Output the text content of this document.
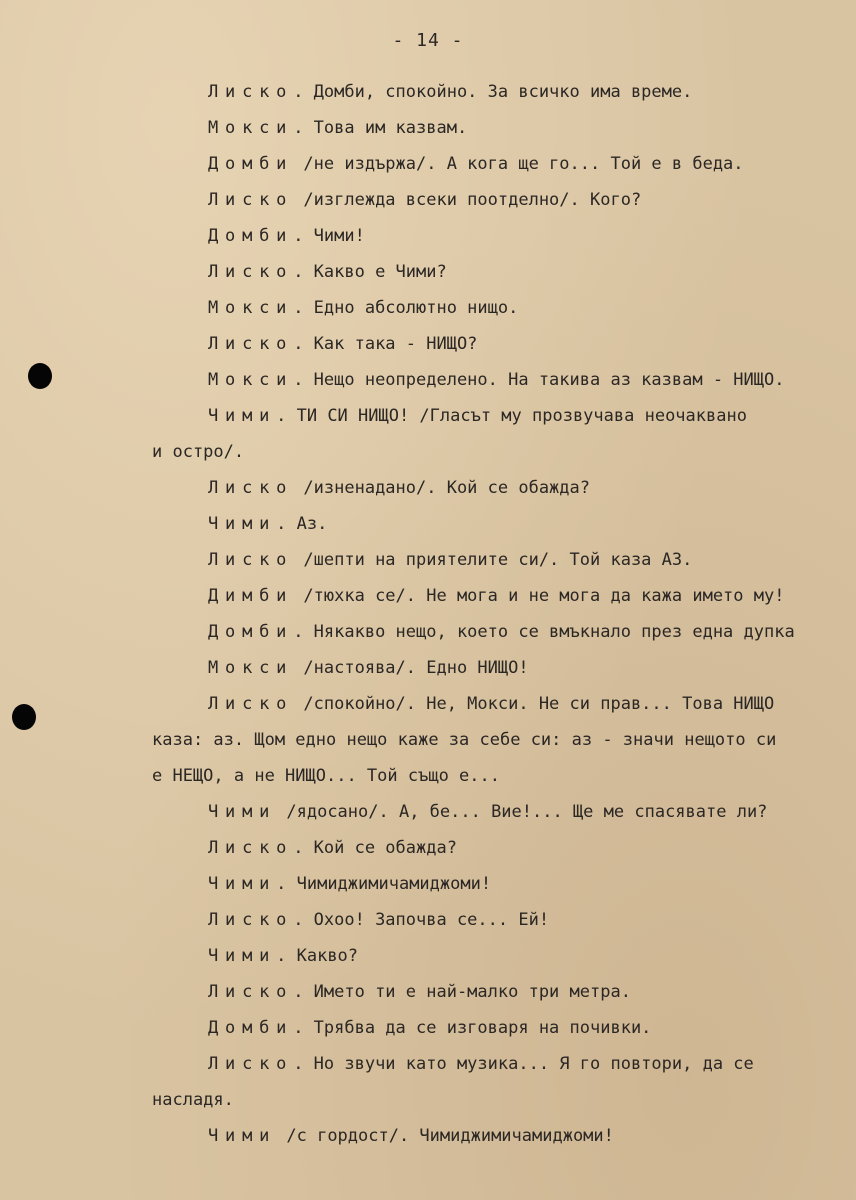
- 14 -
Лиско. Домби, спокойно. За всичко има време.
Мокси. Това им казвам.
Домби /не издържа/. А кога ще го... Той е в беда.
Лиско /изглежда всеки поотделно/. Кого?
Домби. Чими!
Лиско. Какво е Чими?
Мокси. Едно абсолютно нищо.
Лиско. Как така - НИЩО?
Мокси. Нещо неопределено. На такива аз казвам - НИЩО.
Чими. ТИ СИ НИЩО! /Гласът му прозвучава неочаквано
и остро/.
Лиско /изненадано/. Кой се обажда?
Чими. Аз.
Лиско /шепти на приятелите си/. Той каза АЗ.
Димби /тюхка се/. Не мога и не мога да кажа името му!
Домби. Някакво нещо, което се вмъкнало през една дупка
Мокси /настоява/. Едно НИЩО!
Лиско /спокойно/. Не, Мокси. Не си прав... Това НИЩО
каза: аз. Щом едно нещо каже за себе си: аз - значи нещото си
е НЕЩО, а не НИЩО... Той също е...
Чими /ядосано/. А, бе... Вие!... Ще ме спасявате ли?
Лиско. Кой се обажда?
Чими. Чимиджимичамиджоми!
Лиско. Охоо! Започва се... Ей!
Чими. Какво?
Лиско. Името ти е най-малко три метра.
Домби. Трябва да се изговаря на почивки.
Лиско. Но звучи като музика... Я го повтори, да се
насладя.
Чими /с гордост/. Чимиджимичамиджоми!
